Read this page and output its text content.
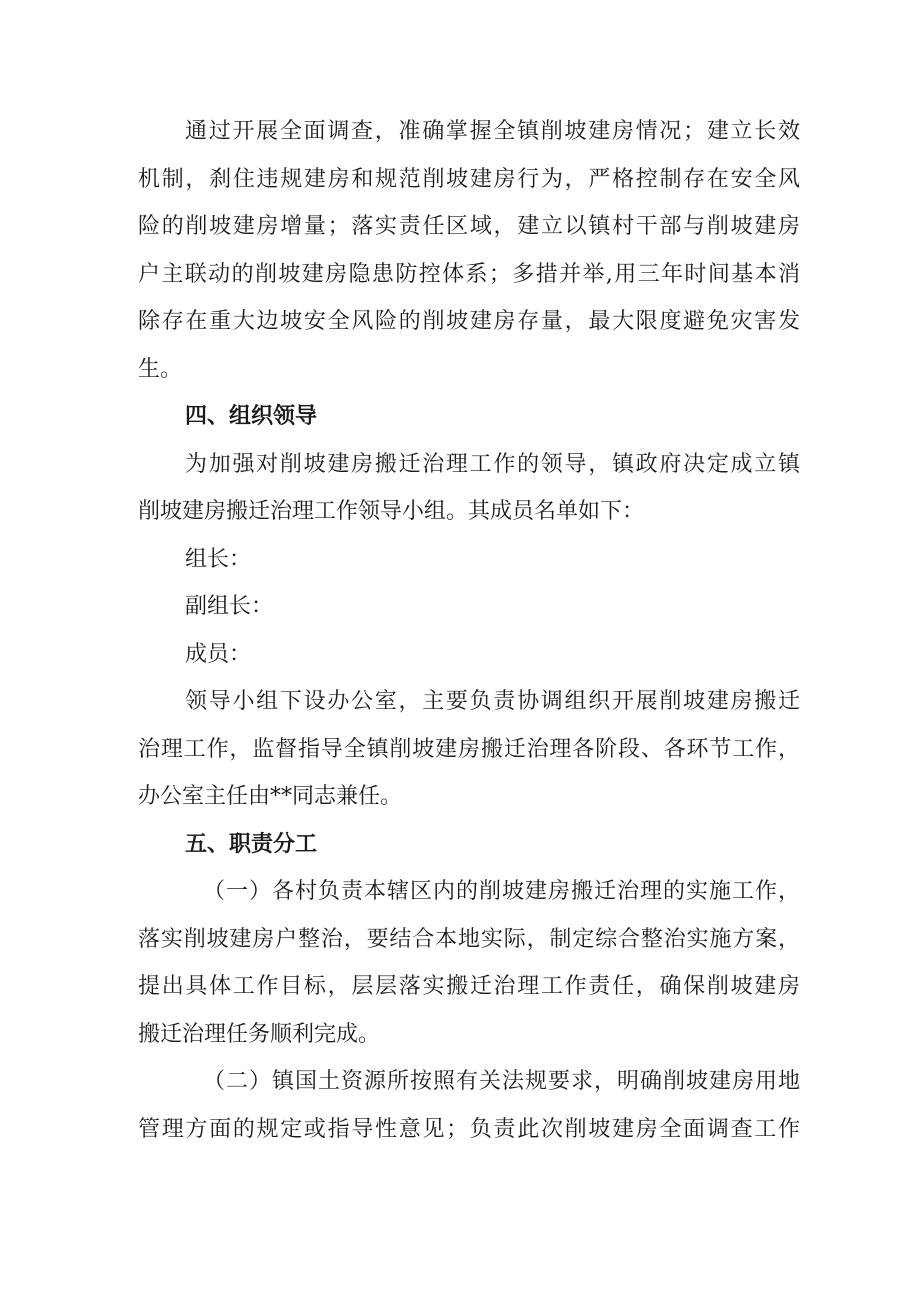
通过开展全面调查，准确掌握全镇削坡建房情况；建立长效
机制，刹住违规建房和规范削坡建房行为，严格控制存在安全风
险的削坡建房增量；落实责任区域，建立以镇村干部与削坡建房
户主联动的削坡建房隐患防控体系；多措并举,用三年时间基本消
除存在重大边坡安全风险的削坡建房存量，最大限度避免灾害发
生。
四、组织领导
为加强对削坡建房搬迁治理工作的领导，镇政府决定成立镇
削坡建房搬迁治理工作领导小组。其成员名单如下：
组长：
副组长：
成员：
领导小组下设办公室，主要负责协调组织开展削坡建房搬迁
治理工作，监督指导全镇削坡建房搬迁治理各阶段、各环节工作，
办公室主任由**同志兼任。
五、职责分工
（一）各村负责本辖区内的削坡建房搬迁治理的实施工作，
落实削坡建房户整治，要结合本地实际，制定综合整治实施方案，
提出具体工作目标，层层落实搬迁治理工作责任，确保削坡建房
搬迁治理任务顺利完成。
（二）镇国土资源所按照有关法规要求，明确削坡建房用地
管理方面的规定或指导性意见；负责此次削坡建房全面调查工作
